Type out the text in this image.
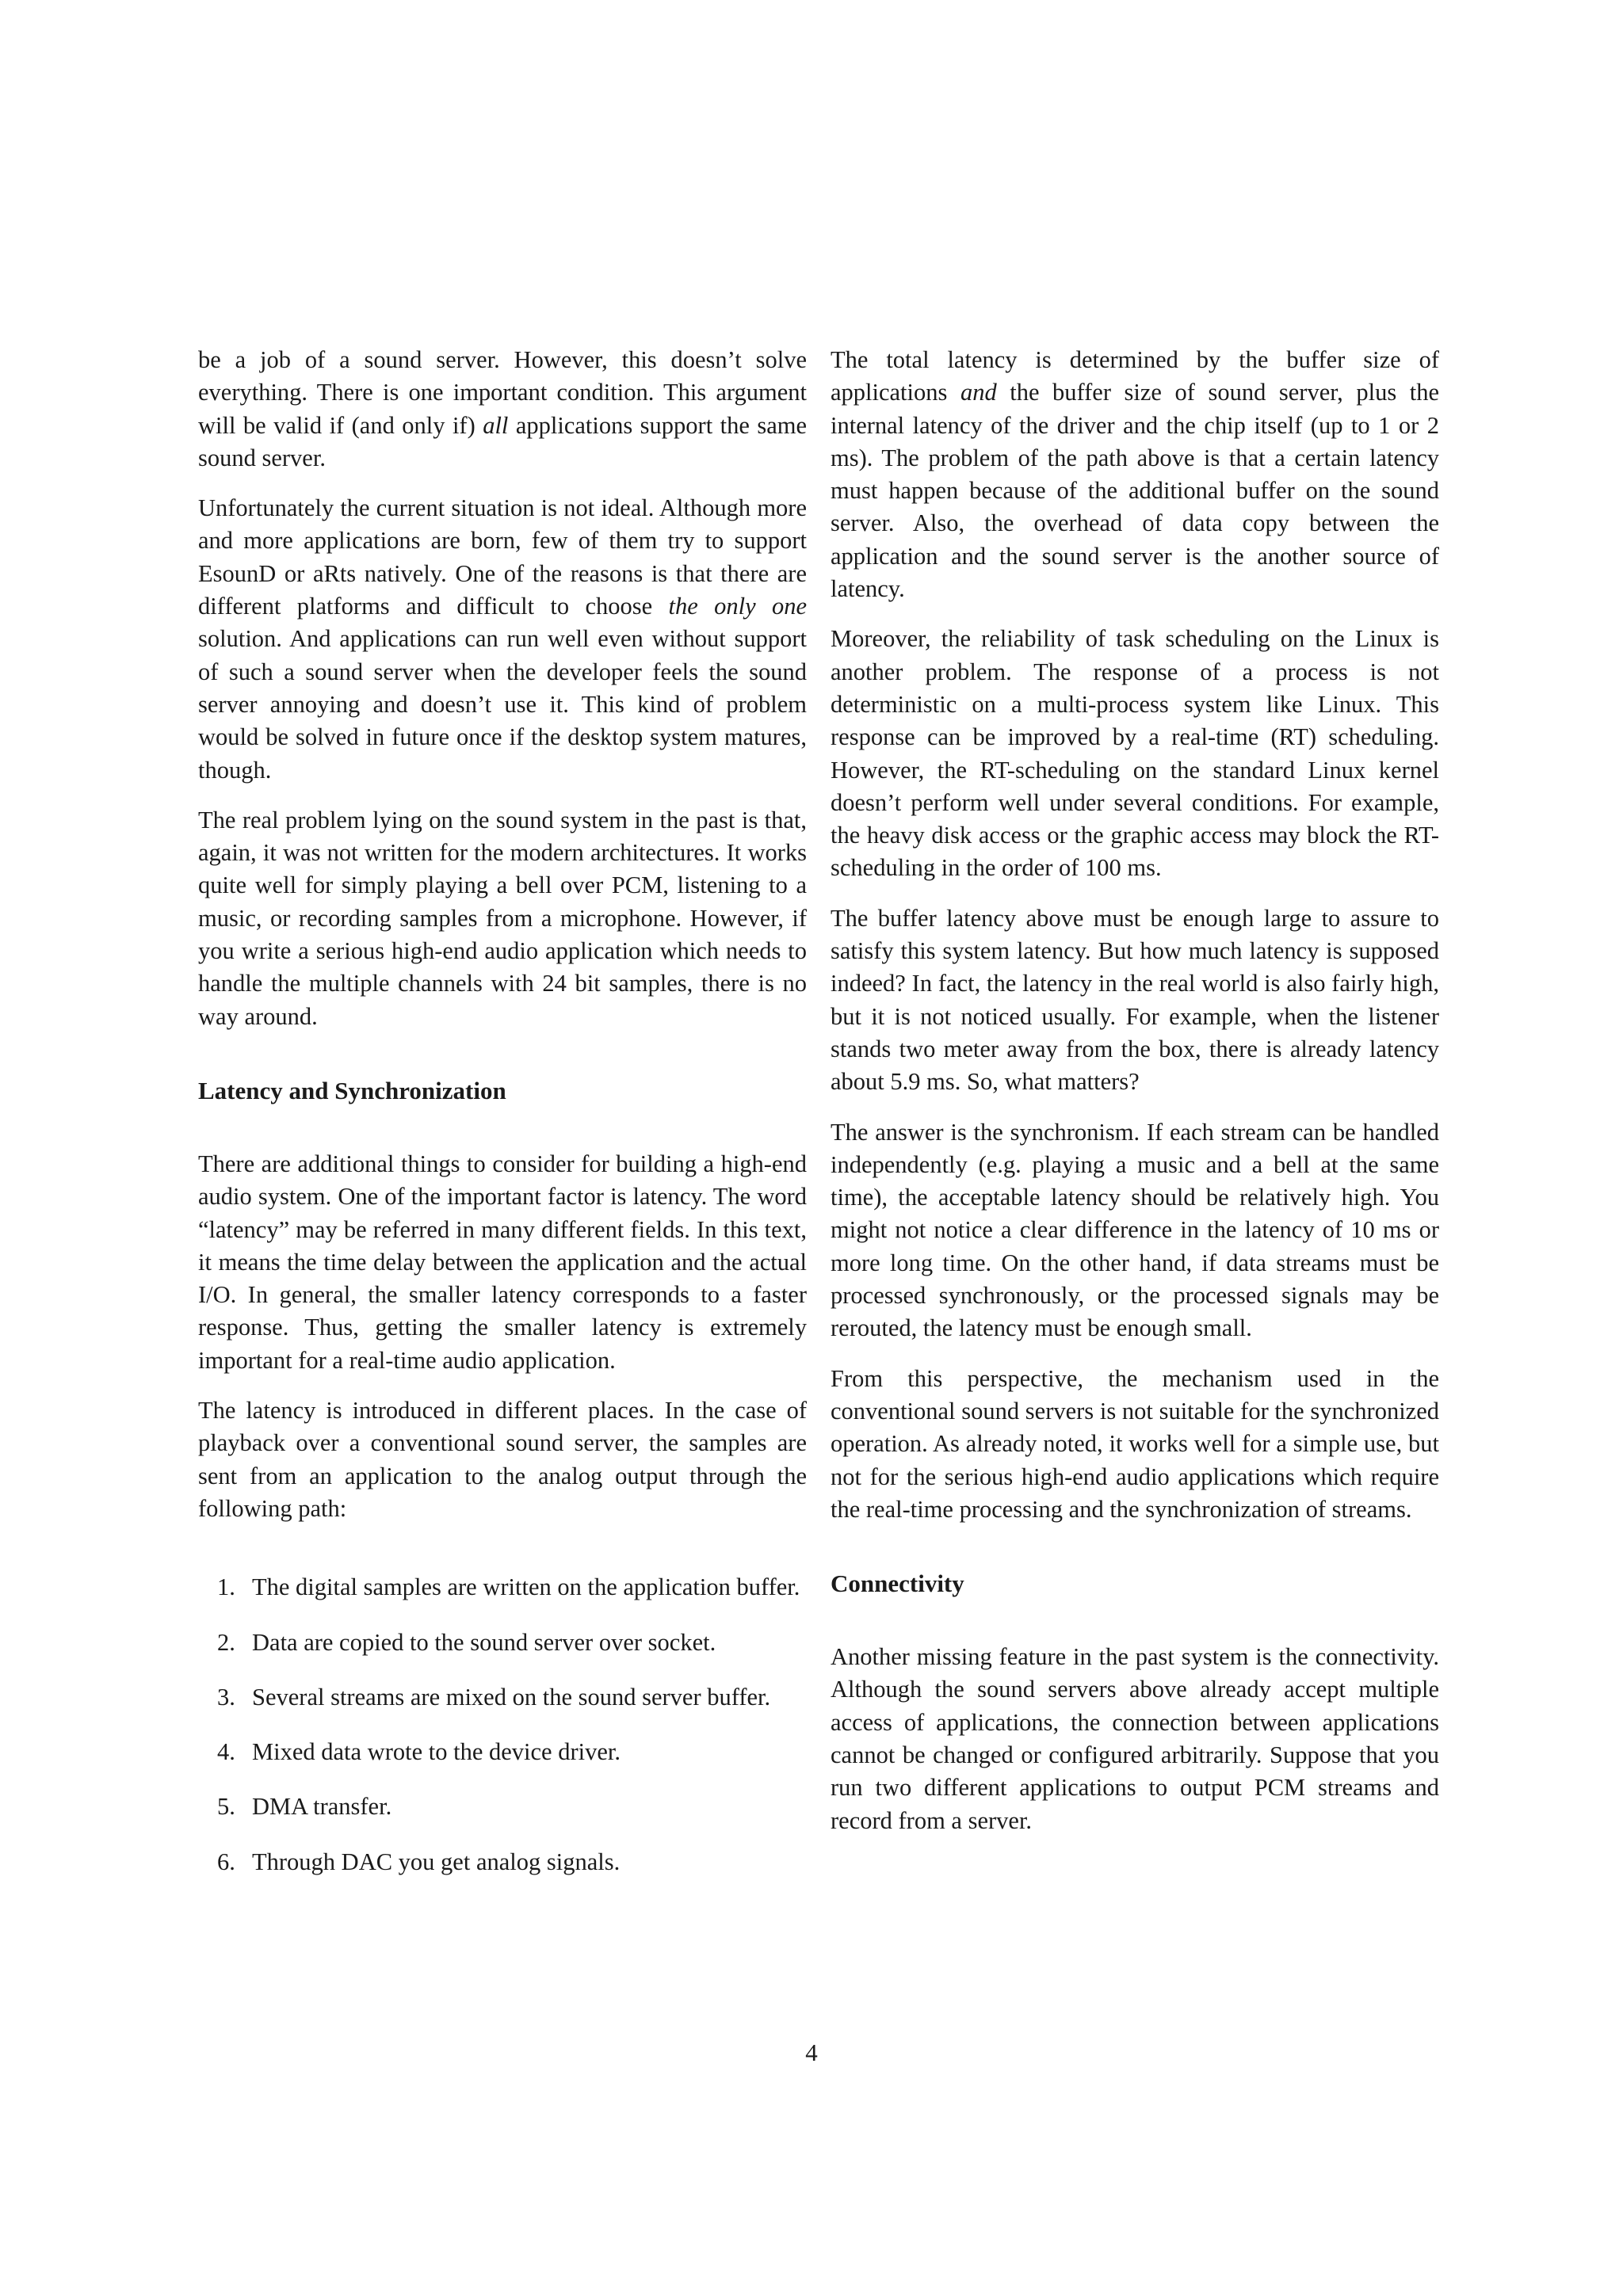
be a job of a sound server. However, this doesn’t solve everything. There is one important condition. This argument will be valid if (and only if) all applications support the same sound server.

Unfortunately the current situation is not ideal. Although more and more applications are born, few of them try to support EsounD or aRts natively. One of the reasons is that there are different platforms and difficult to choose the only one solution. And applications can run well even without support of such a sound server when the developer feels the sound server annoying and doesn’t use it. This kind of problem would be solved in future once if the desktop system matures, though.

The real problem lying on the sound system in the past is that, again, it was not written for the modern architectures. It works quite well for simply playing a bell over PCM, listening to a music, or recording samples from a microphone. However, if you write a serious high-end audio application which needs to handle the multiple channels with 24 bit samples, there is no way around.

Latency and Synchronization

There are additional things to consider for building a high-end audio system. One of the important factor is latency. The word “latency” may be referred in many different fields. In this text, it means the time delay between the application and the actual I/O. In general, the smaller latency corresponds to a faster response. Thus, getting the smaller latency is extremely important for a real-time audio application.

The latency is introduced in different places. In the case of playback over a conventional sound server, the samples are sent from an application to the analog output through the following path:

1. The digital samples are written on the application buffer.
2. Data are copied to the sound server over socket.
3. Several streams are mixed on the sound server buffer.
4. Mixed data wrote to the device driver.
5. DMA transfer.
6. Through DAC you get analog signals.

The total latency is determined by the buffer size of applications and the buffer size of sound server, plus the internal latency of the driver and the chip itself (up to 1 or 2 ms). The problem of the path above is that a certain latency must happen because of the additional buffer on the sound server. Also, the overhead of data copy between the application and the sound server is the another source of latency.

Moreover, the reliability of task scheduling on the Linux is another problem. The response of a process is not deterministic on a multi-process system like Linux. This response can be improved by a real-time (RT) scheduling. However, the RT-scheduling on the standard Linux kernel doesn’t perform well under several conditions. For example, the heavy disk access or the graphic access may block the RT-scheduling in the order of 100 ms.

The buffer latency above must be enough large to assure to satisfy this system latency. But how much latency is supposed indeed? In fact, the latency in the real world is also fairly high, but it is not noticed usually. For example, when the listener stands two meter away from the box, there is already latency about 5.9 ms. So, what matters?

The answer is the synchronism. If each stream can be handled independently (e.g. playing a music and a bell at the same time), the acceptable latency should be relatively high. You might not notice a clear difference in the latency of 10 ms or more long time. On the other hand, if data streams must be processed synchronously, or the processed signals may be rerouted, the latency must be enough small.

From this perspective, the mechanism used in the conventional sound servers is not suitable for the synchronized operation. As already noted, it works well for a simple use, but not for the serious high-end audio applications which require the real-time processing and the synchronization of streams.

Connectivity

Another missing feature in the past system is the connectivity. Although the sound servers above already accept multiple access of applications, the connection between applications cannot be changed or configured arbitrarily. Suppose that you run two different applications to output PCM streams and record from a server.

4
